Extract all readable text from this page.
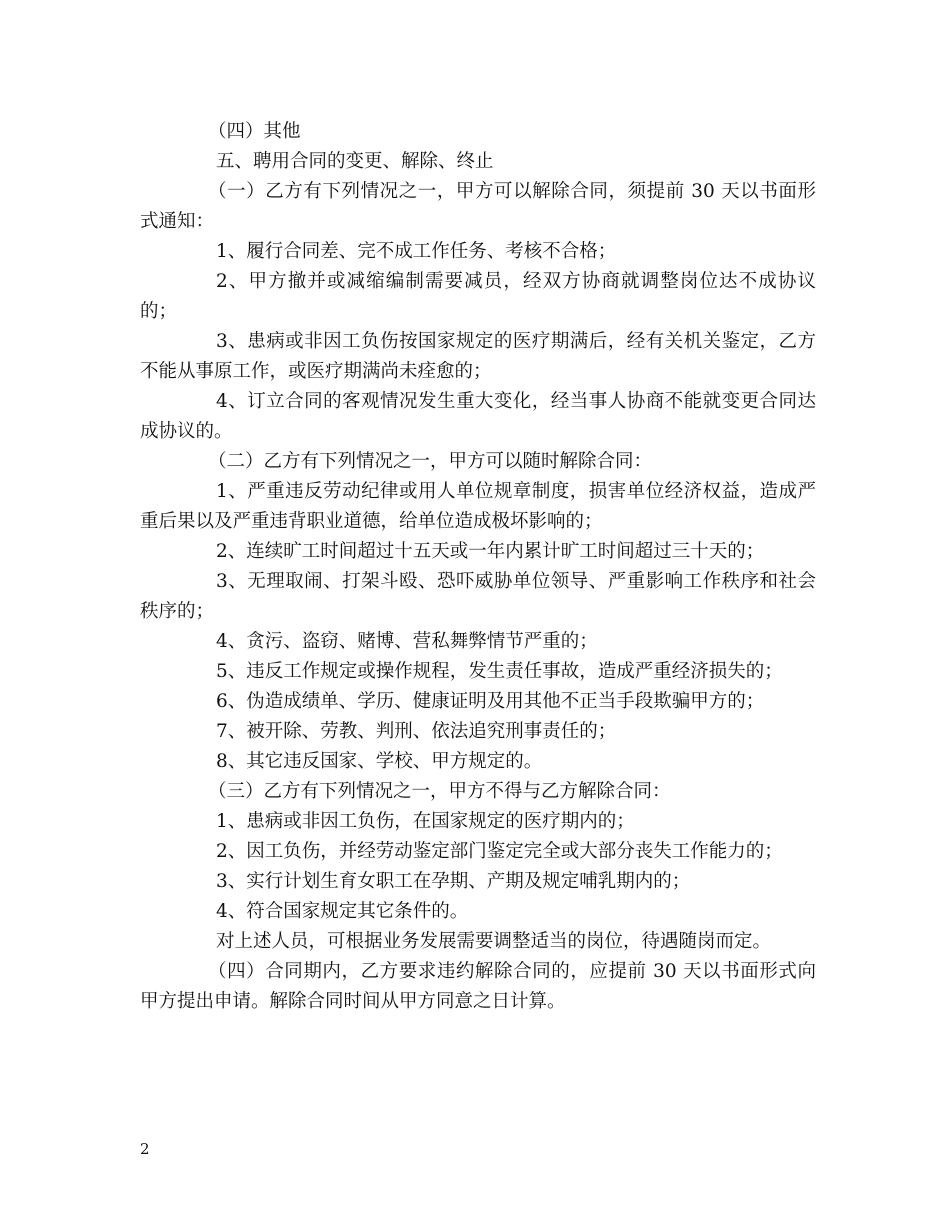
（四）其他

五、聘用合同的变更、解除、终止

（一）乙方有下列情况之一，甲方可以解除合同，须提前 30 天以书面形式通知：

1、履行合同差、完不成工作任务、考核不合格；

2、甲方撤并或减缩编制需要减员，经双方协商就调整岗位达不成协议的；

3、患病或非因工负伤按国家规定的医疗期满后，经有关机关鉴定，乙方不能从事原工作，或医疗期满尚未痊愈的；

4、订立合同的客观情况发生重大变化，经当事人协商不能就变更合同达成协议的。

（二）乙方有下列情况之一，甲方可以随时解除合同：

1、严重违反劳动纪律或用人单位规章制度，损害单位经济权益，造成严重后果以及严重违背职业道德，给单位造成极坏影响的；

2、连续旷工时间超过十五天或一年内累计旷工时间超过三十天的；

3、无理取闹、打架斗殴、恐吓威胁单位领导、严重影响工作秩序和社会秩序的；

4、贪污、盗窃、赌博、营私舞弊情节严重的；

5、违反工作规定或操作规程，发生责任事故，造成严重经济损失的；

6、伪造成绩单、学历、健康证明及用其他不正当手段欺骗甲方的；

7、被开除、劳教、判刑、依法追究刑事责任的；

8、其它违反国家、学校、甲方规定的。

（三）乙方有下列情况之一，甲方不得与乙方解除合同：

1、患病或非因工负伤，在国家规定的医疗期内的；

2、因工负伤，并经劳动鉴定部门鉴定完全或大部分丧失工作能力的；

3、实行计划生育女职工在孕期、产期及规定哺乳期内的；

4、符合国家规定其它条件的。

对上述人员，可根据业务发展需要调整适当的岗位，待遇随岗而定。

（四）合同期内，乙方要求违约解除合同的，应提前 30 天以书面形式向甲方提出申请。解除合同时间从甲方同意之日计算。

2
